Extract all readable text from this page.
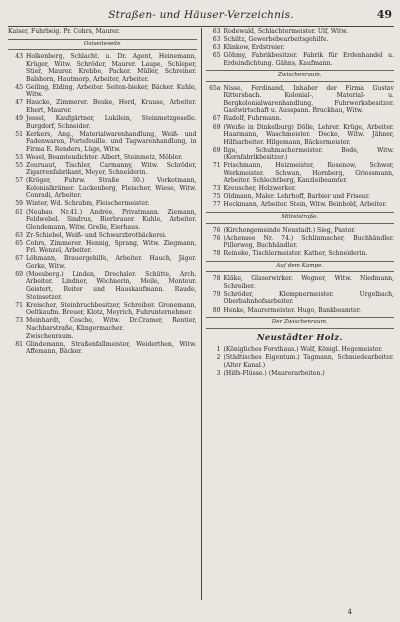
Straßen- und Häuser-Verzeichnis.	49
Kaiser, Fuhrbeig. Pr. Cohrs, Maurer.
Ostseiteseite
43 Holkenberg, Schlacht. u. Dr. Agent, Heinemann, Krüger, Witw. Schröder, Maurer. Laupe, Schleper, Stier, Maurer. Krebbe, Packer. Müller, Schreiner. Balshorn, Hautmorp, Arbeiter, Arbeiter.
45 Geiling, Elding, Arbeiter. Seiten-bieker, Bäcker. Kuhle, Witw.
47 Haucke, Zimmerer. Beuke, Herd, Krause, Arbeiter. Ehert, Maurer.
49 Jessel, Kaufgärtner, Lukilein, Steinmetzgeselle. Burgdorf, Schneider.
51 Kerkers, Ang., Materialwarenhandlung, Weiß- und Fadenwaren, Portefeuille. und Tagwarenhandlung, in Firma E. Renders, Lüge, Witw.
53 Wesel, Beamtendichter. Albert, Steinmetz, Möbler.
55 Zouruaut, Tischler, Carmanny, Witw. Schröder, Zigarrenfabrikant, Meyer, Schneiderin.
57 (Kröger, Fuhrw. Straße 30.) Vorkotmann, Kolonialkrämer. Luckenberg, Fleischer, Wiese, Witw. Conradi, Arbeiter.
59 Winter, Wd. Schrabm, Fleischermeister.
61 (Neubau Nr.41.) Andrée, Privatmann. Ziemann, Feldwebel. Sindrus, Bierbrauer. Kuhle, Arbeiter. Glendemann, Witw. Grelle, Eierhaus.
63 Zr-Schiebel, Weiß- und Schwarzbrotbäckerei.
65 Cohrs, Zimmerer. Hennig, Sprang, Witw. Ziegmann, Frl. Wenzel, Arbeiter.
67 Löhmann, Brauergehilfe, Arbeiter. Hauch, Jäger. Gerke, Witw.
69 (Moesberg.) Linden, Drechsler. Schütte, Arch. Arbeiter. Lindner, Wöchnerin, Meile, Monteur. Geistert, Reiter und Hauskaufmann. Raude, Steinsetzer.
71 Kreischer, Steinbruchbesitzer, Schreiber. Gronemann, Oeltkaufm. Breuer, Klotz, Meyrich, Fuhrunternehmer.
73 Meinhardt, Cosche, Witw. Dr.Cramer, Rentier, Nachbarstraße, Klingermacher.
Zwischenraum.
81 Glindemann, Straßenfallmeister, Weiderthen, Witw. Affemann, Bäcker.
63 Rodewald, Schlachtermeister. Ulf, Witw.
63 Schiltz, Gewerbebearbeitsgehilfe.
63 Klinkow, Erdstreier.
65 Göhmy, Fabrikbesitzer. Fabrik für Erdenhandel u. Erdeindichtung. Gähns, Kaufmann.
Zwischenraum.
65a Nisse, Ferdinand, Inhaber der Firma Gustav Rittersbach. Kolonial-, Material- u. Bergkolonialwarenhandlung, Fuhrwerksbesitzer. Gastwirtschaft u. Ausspann. Bruckhau, Witw.
67 Rudolf, Fuhrmann.
69 (Weiße in Dinkelburg) Dölle, Lehrer. Krüge, Arbeiter. Haarmann, Waschmeister. Decke, Witw. Jähner, Hilfsarbeiter. Hilgemann, Bäckermeister.
69 Ilge, Schuhmachermeister. Bode, Witw. (Kornfabrikbesitzer.)
71 Frischmann, Heizmeister, Rosenow, Schwer, Werkmeister. Schwan, Hornberg, Griessmann, Arbeiter. Schlechtberg, Kanzleibeamter.
73 Kreuscher, Holzwerker.
75 Oldmann, Maler. Lehrhoff, Barbier und Friseur.
77 Heckmann, Arbeiter. Stein, Witw. Beinhold, Arbeiter.
Mittelstraße.
76 (Kirchengemeinde Neustadt.) Sieg, Pastor.
76 (Achensee Nr. 74.) Schlinmacher, Buchhändler. Pillerweg, Buchhändler.
78 Reineke, Tischlermeister. Kather, Schneiderin.
Auf dem Kampe.
78 Kläke, Glaserwirker. Wegner, Witw. Niedmann, Schreiber.
79 Schröder, Klempnermeister. Urgelbach, Oberbahnhofsarbeiter.
80 Henke, Maurermeister. Hugo, Bankbeamter.
Der Zwischenraum.
Neustädter Holz.
1 (Königliches Forsthaus.) Wolf, Königl. Hegemeister.
2 (Städtisches Eigentum.) Tagmann, Schmiedearbeiter. (Alter Kanal.)
3 (Hilfs-Flüsse.) (Maurerarbeiten.)
4
